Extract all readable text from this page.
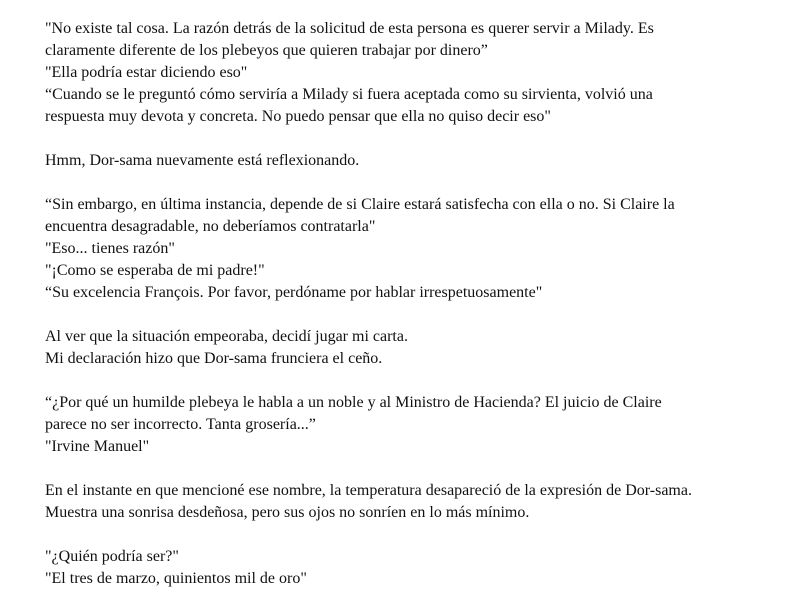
"No existe tal cosa. La razón detrás de la solicitud de esta persona es querer servir a Milady. Es
claramente diferente de los plebeyos que quieren trabajar por dinero”
"Ella podría estar diciendo eso"
“Cuando se le preguntó cómo serviría a Milady si fuera aceptada como su sirvienta, volvió una
respuesta muy devota y concreta. No puedo pensar que ella no quiso decir eso"
Hmm, Dor-sama nuevamente está reflexionando.
“Sin embargo, en última instancia, depende de si Claire estará satisfecha con ella o no. Si Claire la
encuentra desagradable, no deberíamos contratarla"
"Eso... tienes razón"
"¡Como se esperaba de mi padre!"
“Su excelencia François. Por favor, perdóname por hablar irrespetuosamente"
Al ver que la situación empeoraba, decidí jugar mi carta.
Mi declaración hizo que Dor-sama frunciera el ceño.
“¿Por qué un humilde plebeya le habla a un noble y al Ministro de Hacienda? El juicio de Claire
parece no ser incorrecto. Tanta grosería...”
"Irvine Manuel"
En el instante en que mencioné ese nombre, la temperatura desapareció de la expresión de Dor-sama.
Muestra una sonrisa desdeñosa, pero sus ojos no sonríen en lo más mínimo.
"¿Quién podría ser?"
"El tres de marzo, quinientos mil de oro"
